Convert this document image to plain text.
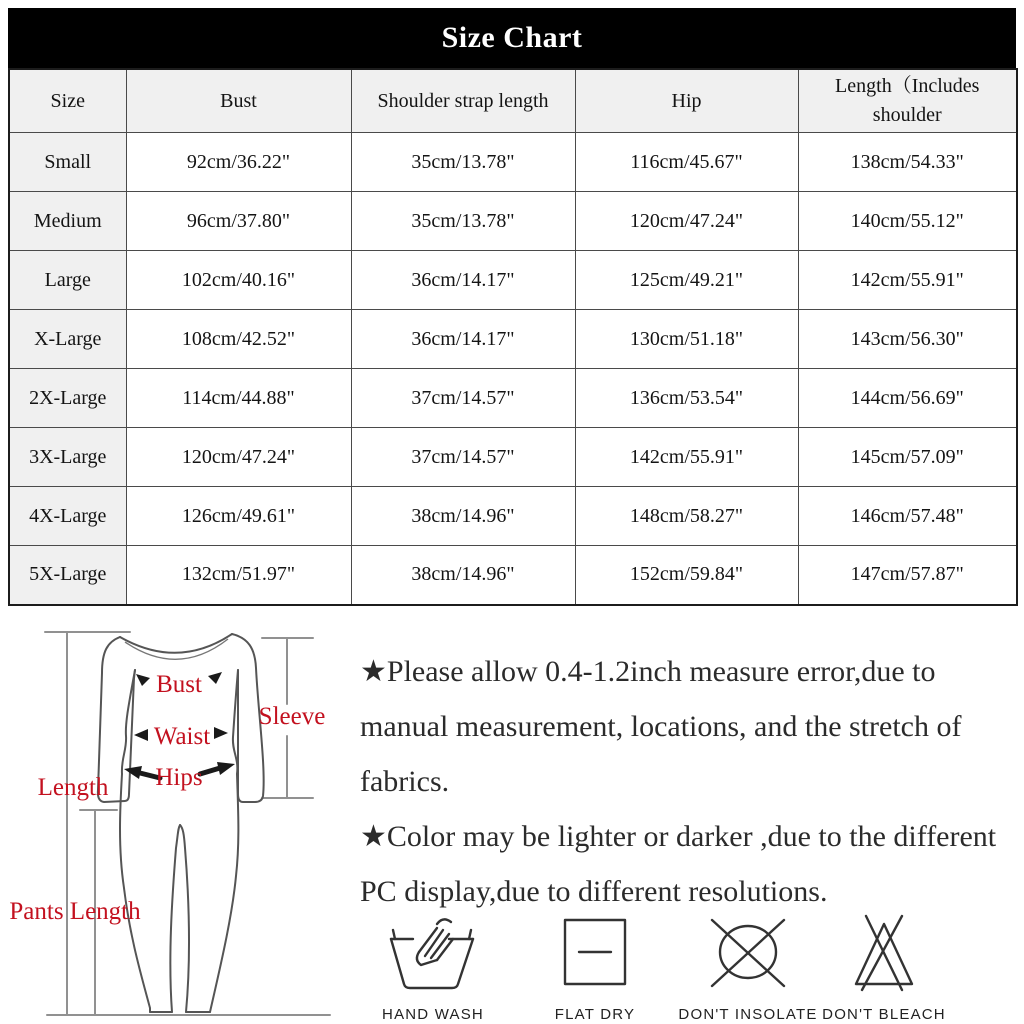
Size Chart
Size	Bust	Shoulder strap length	Hip	Length（Includes shoulder
Small	92cm/36.22"	35cm/13.78"	116cm/45.67"	138cm/54.33"
Medium	96cm/37.80"	35cm/13.78"	120cm/47.24"	140cm/55.12"
Large	102cm/40.16"	36cm/14.17"	125cm/49.21"	142cm/55.91"
X-Large	108cm/42.52"	36cm/14.17"	130cm/51.18"	143cm/56.30"
2X-Large	114cm/44.88"	37cm/14.57"	136cm/53.54"	144cm/56.69"
3X-Large	120cm/47.24"	37cm/14.57"	142cm/55.91"	145cm/57.09"
4X-Large	126cm/49.61"	38cm/14.96"	148cm/58.27"	146cm/57.48"
5X-Large	132cm/51.97"	38cm/14.96"	152cm/59.84"	147cm/57.87"
Bust
Waist
Hips
Sleeve
Length
Pants Length

★Please allow 0.4-1.2inch measure error,due to manual measurement, locations, and the stretch of fabrics.

★Color may be lighter or darker ,due to the different PC display,due to different resolutions.

HAND WASH	FLAT DRY	DON'T INSOLATE DON'T BLEACH
